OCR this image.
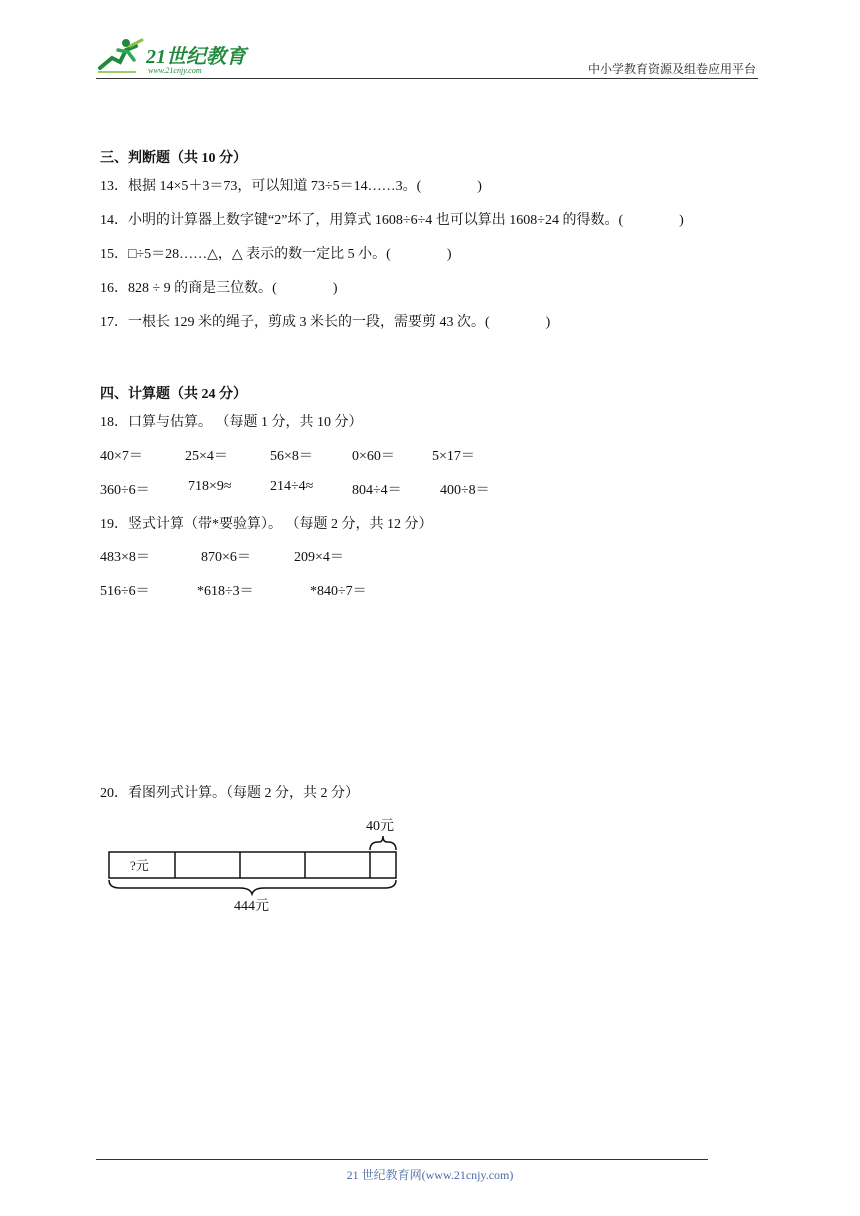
21世纪教育
www.21cnjy.com	中小学教育资源及组卷应用平台
三、判断题（共 10 分）
13．根据 14×5＋3＝73，可以知道 73÷5＝14……3。(　　　　)
14．小明的计算器上数字键“2”坏了，用算式 1608÷6÷4 也可以算出 1608÷24 的得数。(　　　　)
15．□÷5＝28……△，△ 表示的数一定比 5 小。(　　　　)
16．828 ÷ 9 的商是三位数。(　　　　)
17．一根长 129 米的绳子，剪成 3 米长的一段，需要剪 43 次。(　　　　)
四、计算题（共 24 分）
18．口算与估算。 （每题 1 分，共 10 分）
40×7＝	25×4＝	56×8＝	0×60＝	5×17＝
360÷6＝	718×9≈	214÷4≈	804÷4＝	400÷8＝
19．竖式计算（带*要验算）。 （每题 2 分，共 12 分）
483×8＝	870×6＝	209×4＝
516÷6＝	*618÷3＝	*840÷7＝
20．看图列式计算。（每题 2 分，共 2 分）
40元
?元
444元
21 世纪教育网(www.21cnjy.com)
